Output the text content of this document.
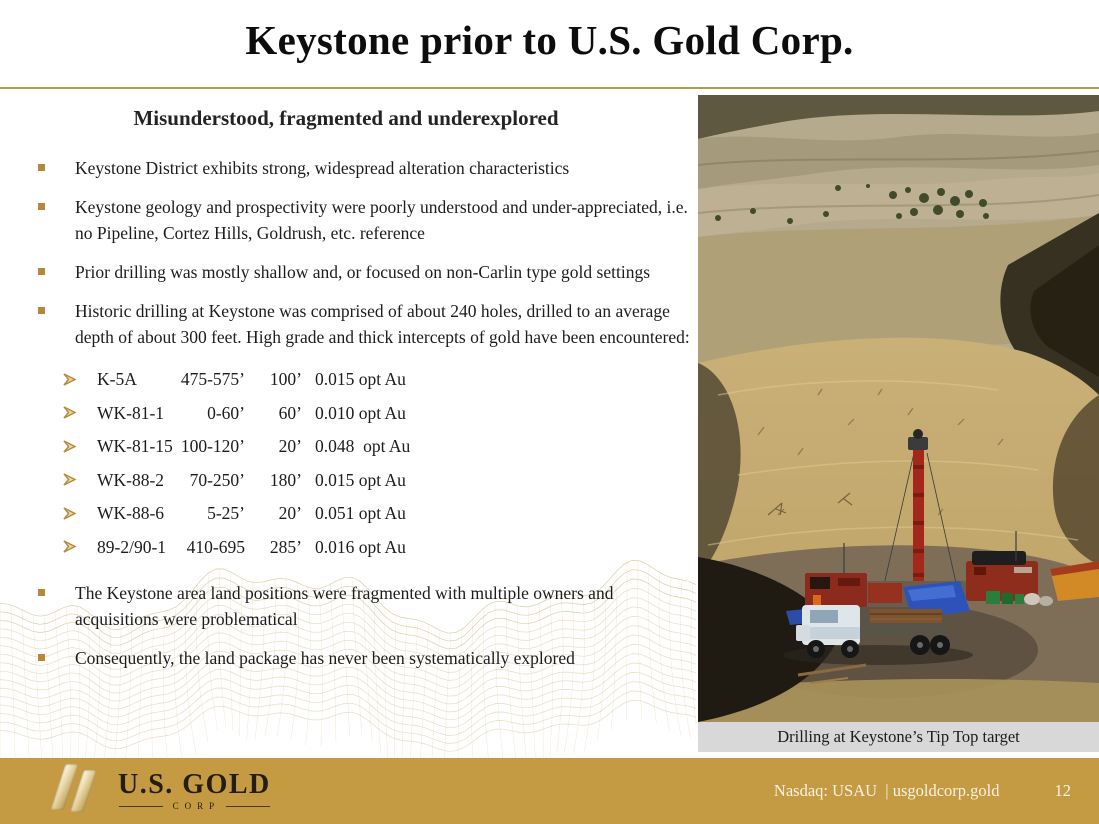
Keystone prior to U.S. Gold Corp.
Misunderstood, fragmented and underexplored
Keystone District exhibits strong, widespread alteration characteristics
Keystone geology and prospectivity were poorly understood and under-appreciated, i.e. no Pipeline, Cortez Hills, Goldrush, etc. reference
Prior drilling was mostly shallow and, or focused on non-Carlin type gold settings
Historic drilling at Keystone was comprised of about 240 holes, drilled to an average depth of about 300 feet. High grade and thick intercepts of gold have been encountered:
K-5A	475-575’	100’ 0.015 opt Au
WK-81-1	0-60’	60’ 0.010 opt Au
WK-81-15 100-120’	20’ 0.048  opt Au
WK-88-2	70-250’	180’ 0.015 opt Au
WK-88-6	5-25’	20’ 0.051 opt Au
89-2/90-1	410-695	285’ 0.016 opt Au
The Keystone area land positions were fragmented with multiple owners and acquisitions were problematical
Consequently, the land package has never been systematically explored
Drilling at Keystone’s Tip Top target
U.S. GOLD
CORP
Nasdaq: USAU  | usgoldcorp.gold	12
